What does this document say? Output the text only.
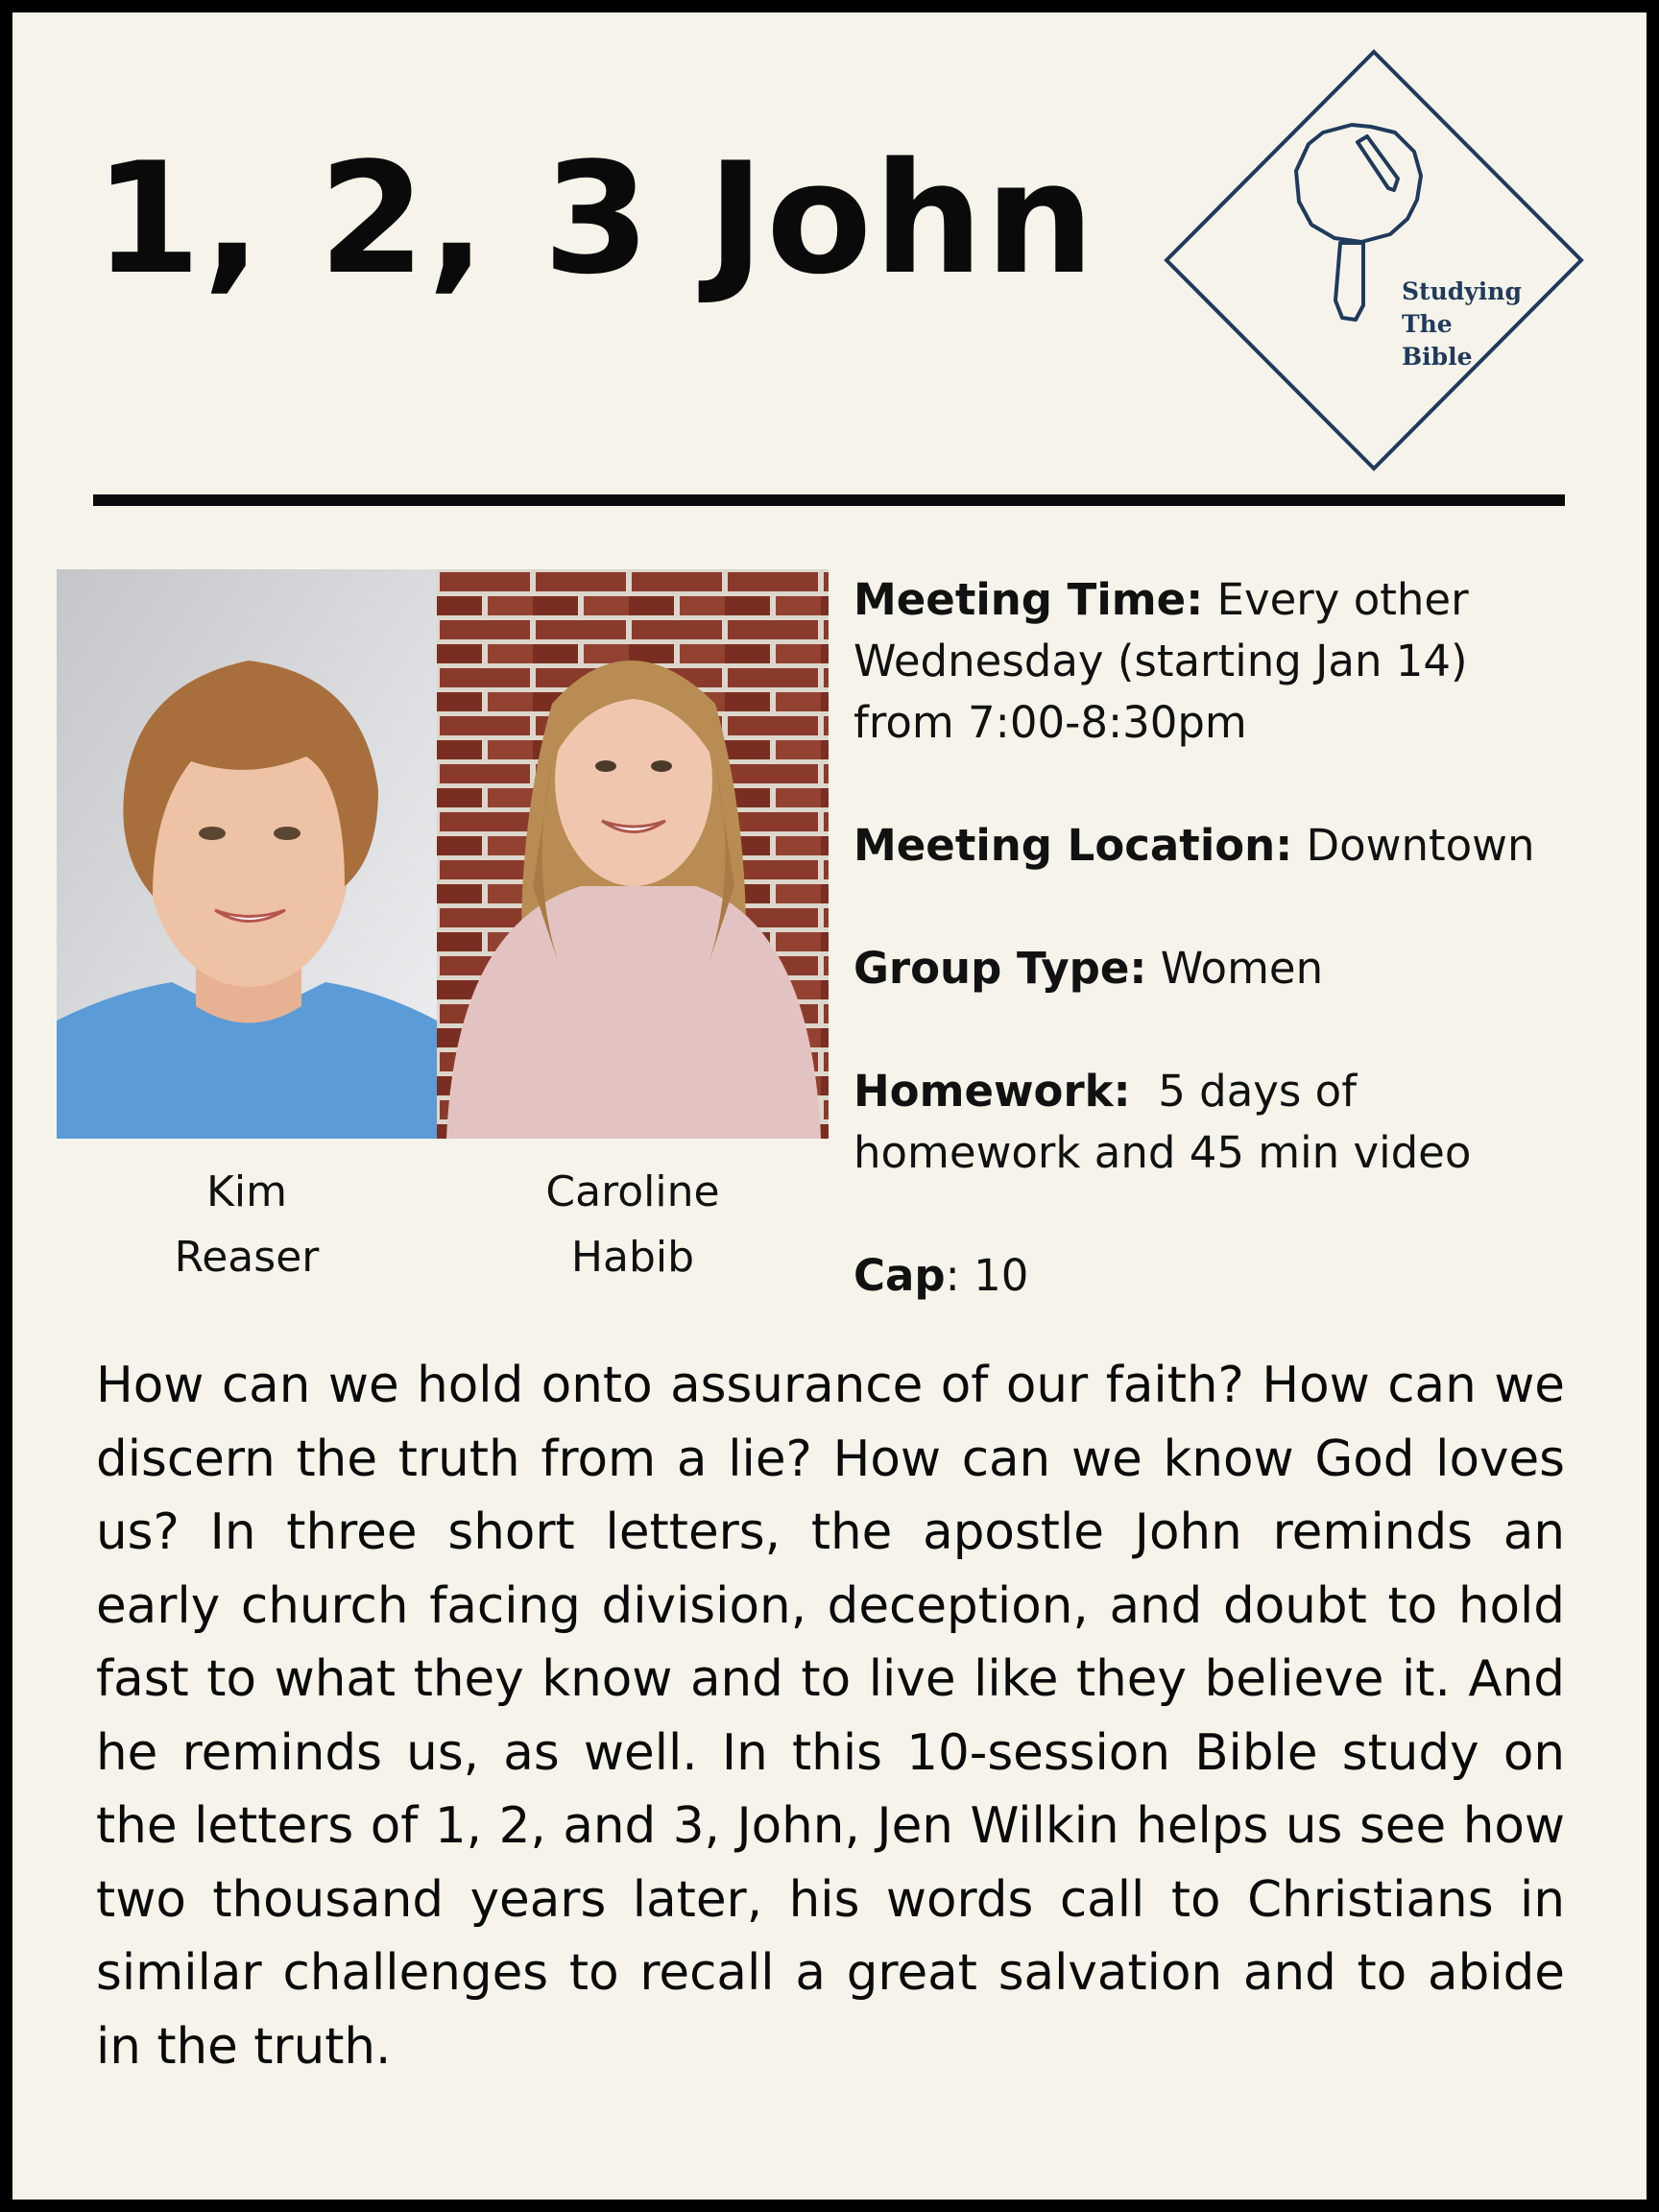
1, 2, 3 John	Studying
The
Bible
Kim
Reaser
Caroline
Habib
Meeting Time: Every other
Wednesday (starting Jan 14)
from 7:00-8:30pm
Meeting Location: Downtown
Group Type: Women
Homework:  5 days of
homework and 45 min video
Cap: 10
How can we hold onto assurance of our faith? How can we discern the truth from a lie? How can we know God loves us? In three short letters, the apostle John reminds an early church facing division, deception, and doubt to hold fast to what they know and to live like they believe it. And he reminds us, as well. In this 10-session Bible study on the letters of 1, 2, and 3, John, Jen Wilkin helps us see how two thousand years later, his words call to Christians in similar challenges to recall a great salvation and to abide in the truth.
